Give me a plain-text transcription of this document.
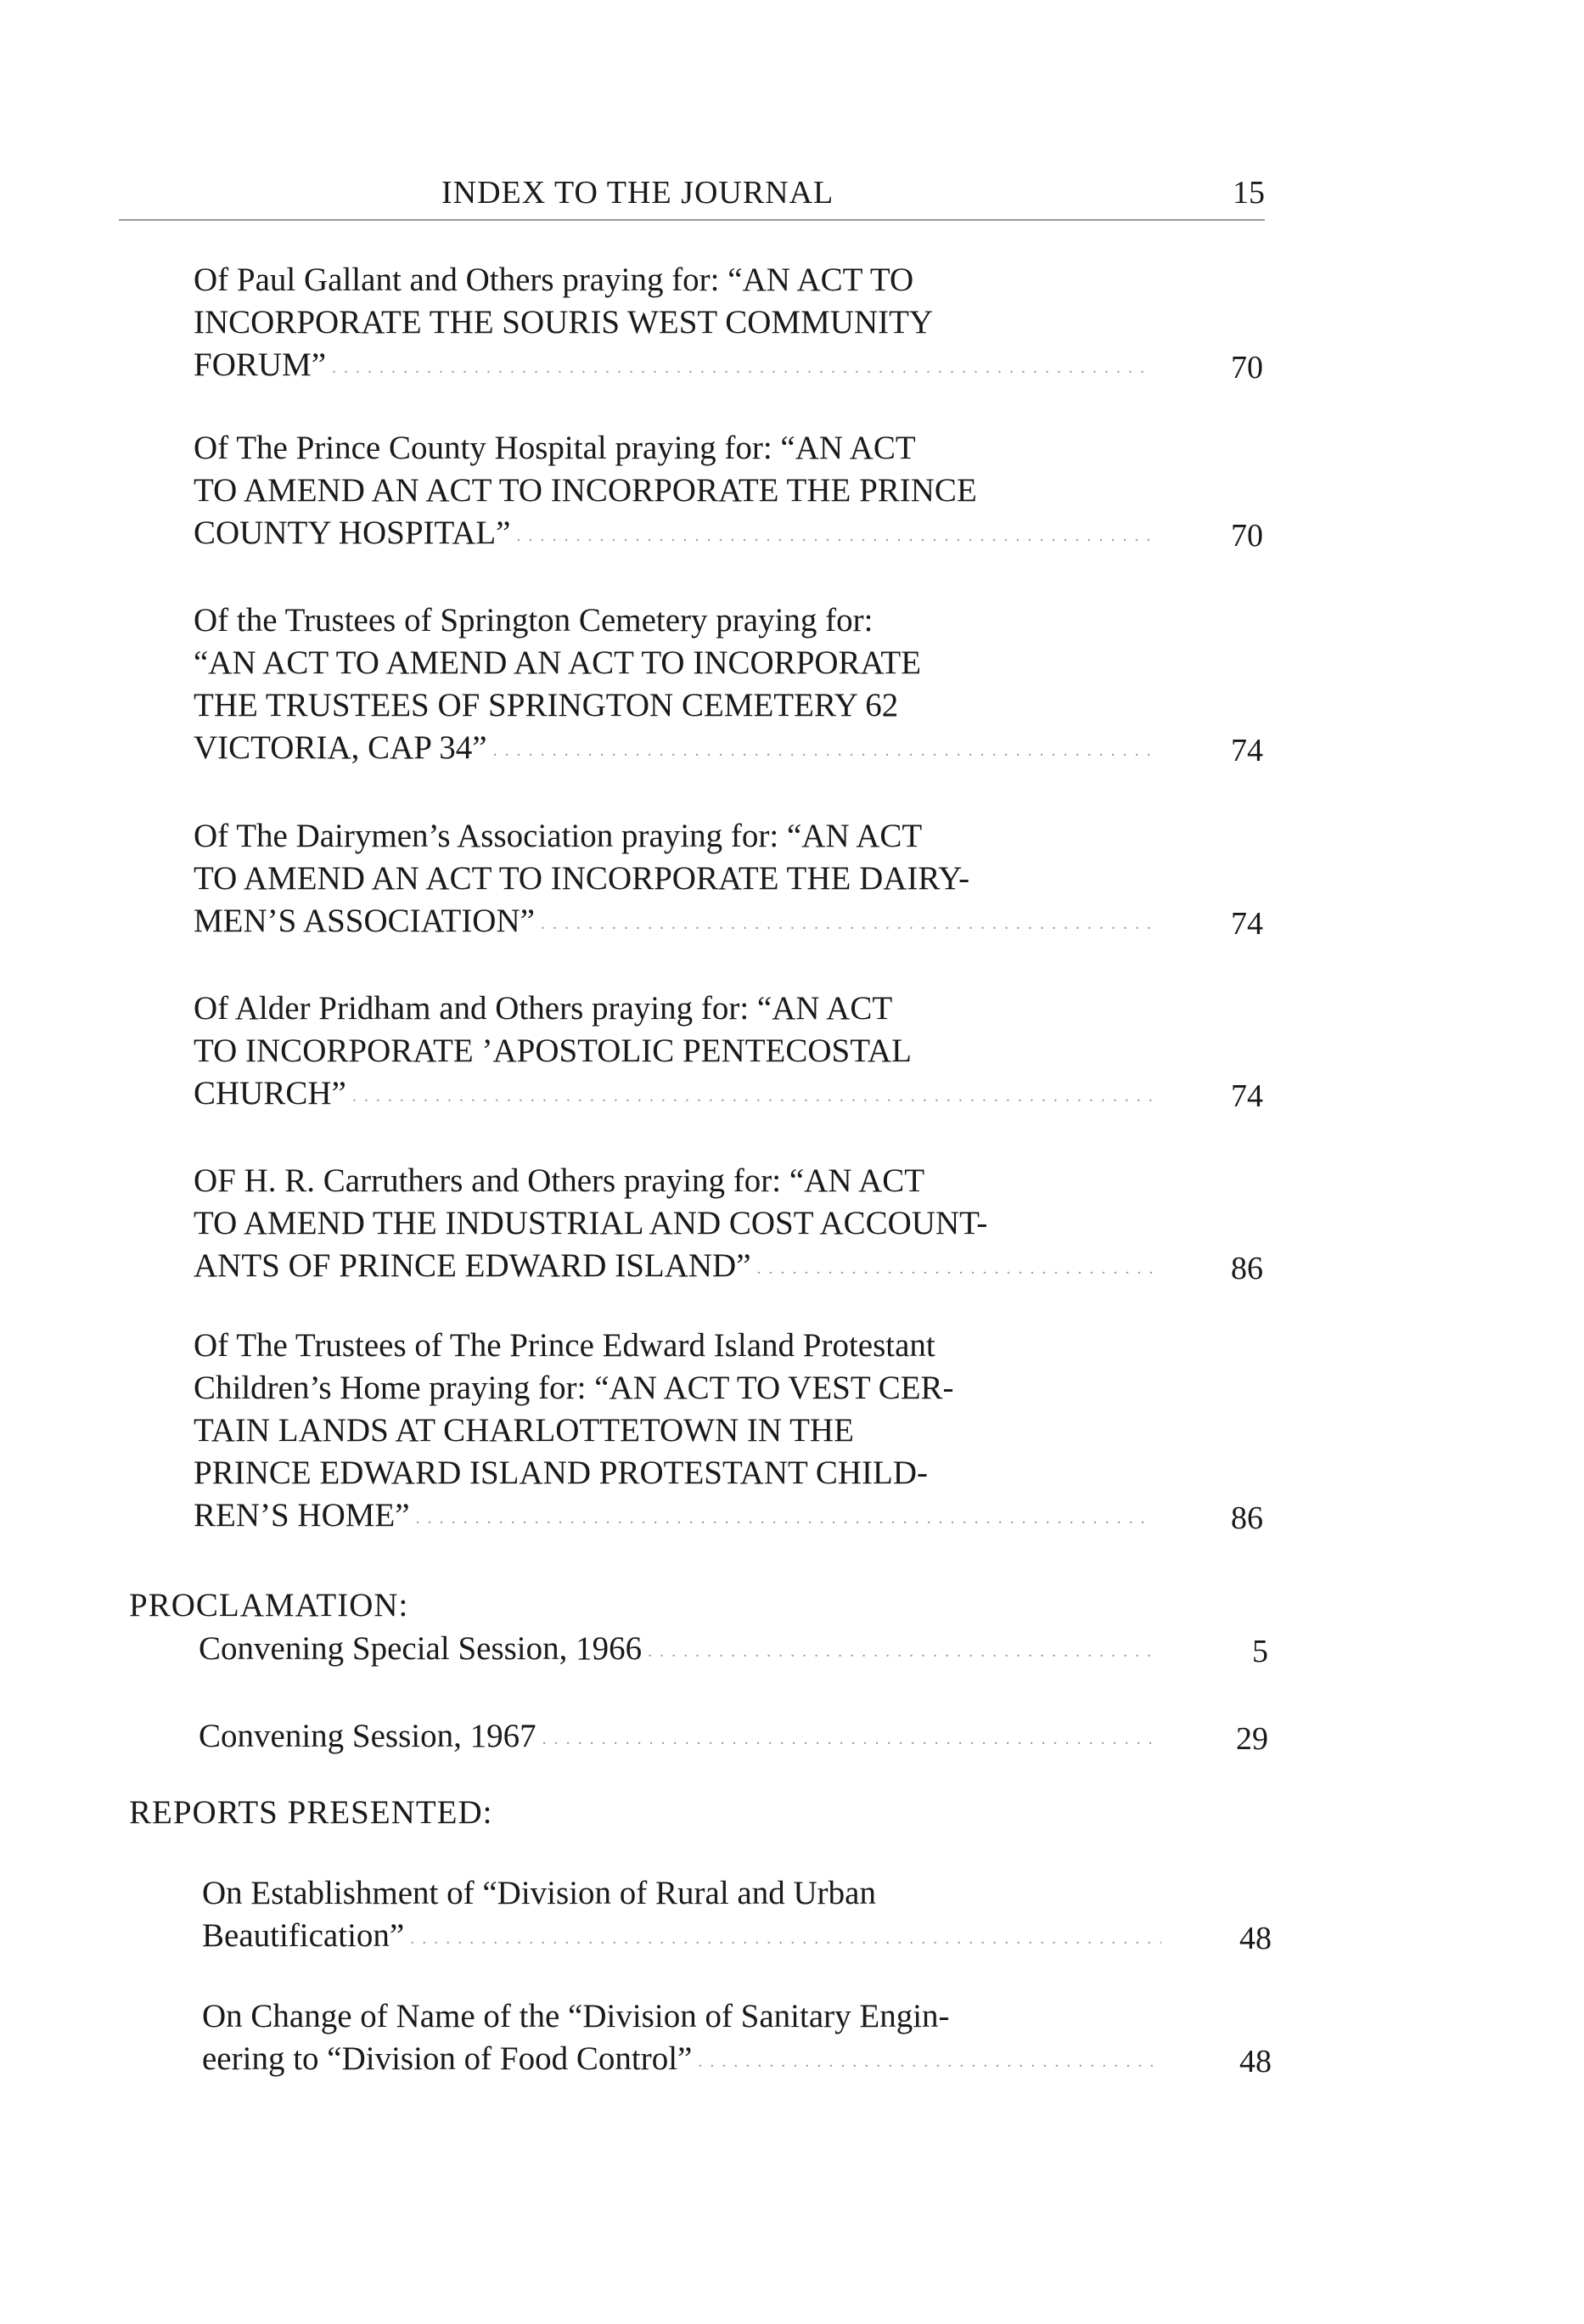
INDEX TO THE JOURNAL	15
Of Paul Gallant and Others praying for: “AN ACT TO
INCORPORATE THE SOURIS WEST COMMUNITY
FORUM” . . .	70
Of The Prince County Hospital praying for: “AN ACT
TO AMEND AN ACT TO INCORPORATE THE PRINCE
COUNTY HOSPITAL” . . .	70
Of the Trustees of Springton Cemetery praying for:
“AN ACT TO AMEND AN ACT TO INCORPORATE
THE TRUSTEES OF SPRINGTON CEMETERY 62
VICTORIA, CAP 34” . . .	74
Of The Dairymen’s Association praying for: “AN ACT
TO AMEND AN ACT TO INCORPORATE THE DAIRY-
MEN’S ASSOCIATION” . . .	74
Of Alder Pridham and Others praying for: “AN ACT
TO INCORPORATE ’APOSTOLIC PENTECOSTAL
CHURCH” . . .	74
OF H. R. Carruthers and Others praying for: “AN ACT
TO AMEND THE INDUSTRIAL AND COST ACCOUNT-
ANTS OF PRINCE EDWARD ISLAND” . . .	86
Of The Trustees of The Prince Edward Island Protestant
Children’s Home praying for: “AN ACT TO VEST CER-
TAIN LANDS AT CHARLOTTETOWN IN THE
PRINCE EDWARD ISLAND PROTESTANT CHILD-
REN’S HOME” . . .	86
PROCLAMATION:
Convening Special Session, 1966 . . .	5
Convening Session, 1967 . . .	29
REPORTS PRESENTED:
On Establishment of “Division of Rural and Urban
Beautification” . . .	48
On Change of Name of the “Division of Sanitary Engin-
eering to “Division of Food Control” . . .	48
